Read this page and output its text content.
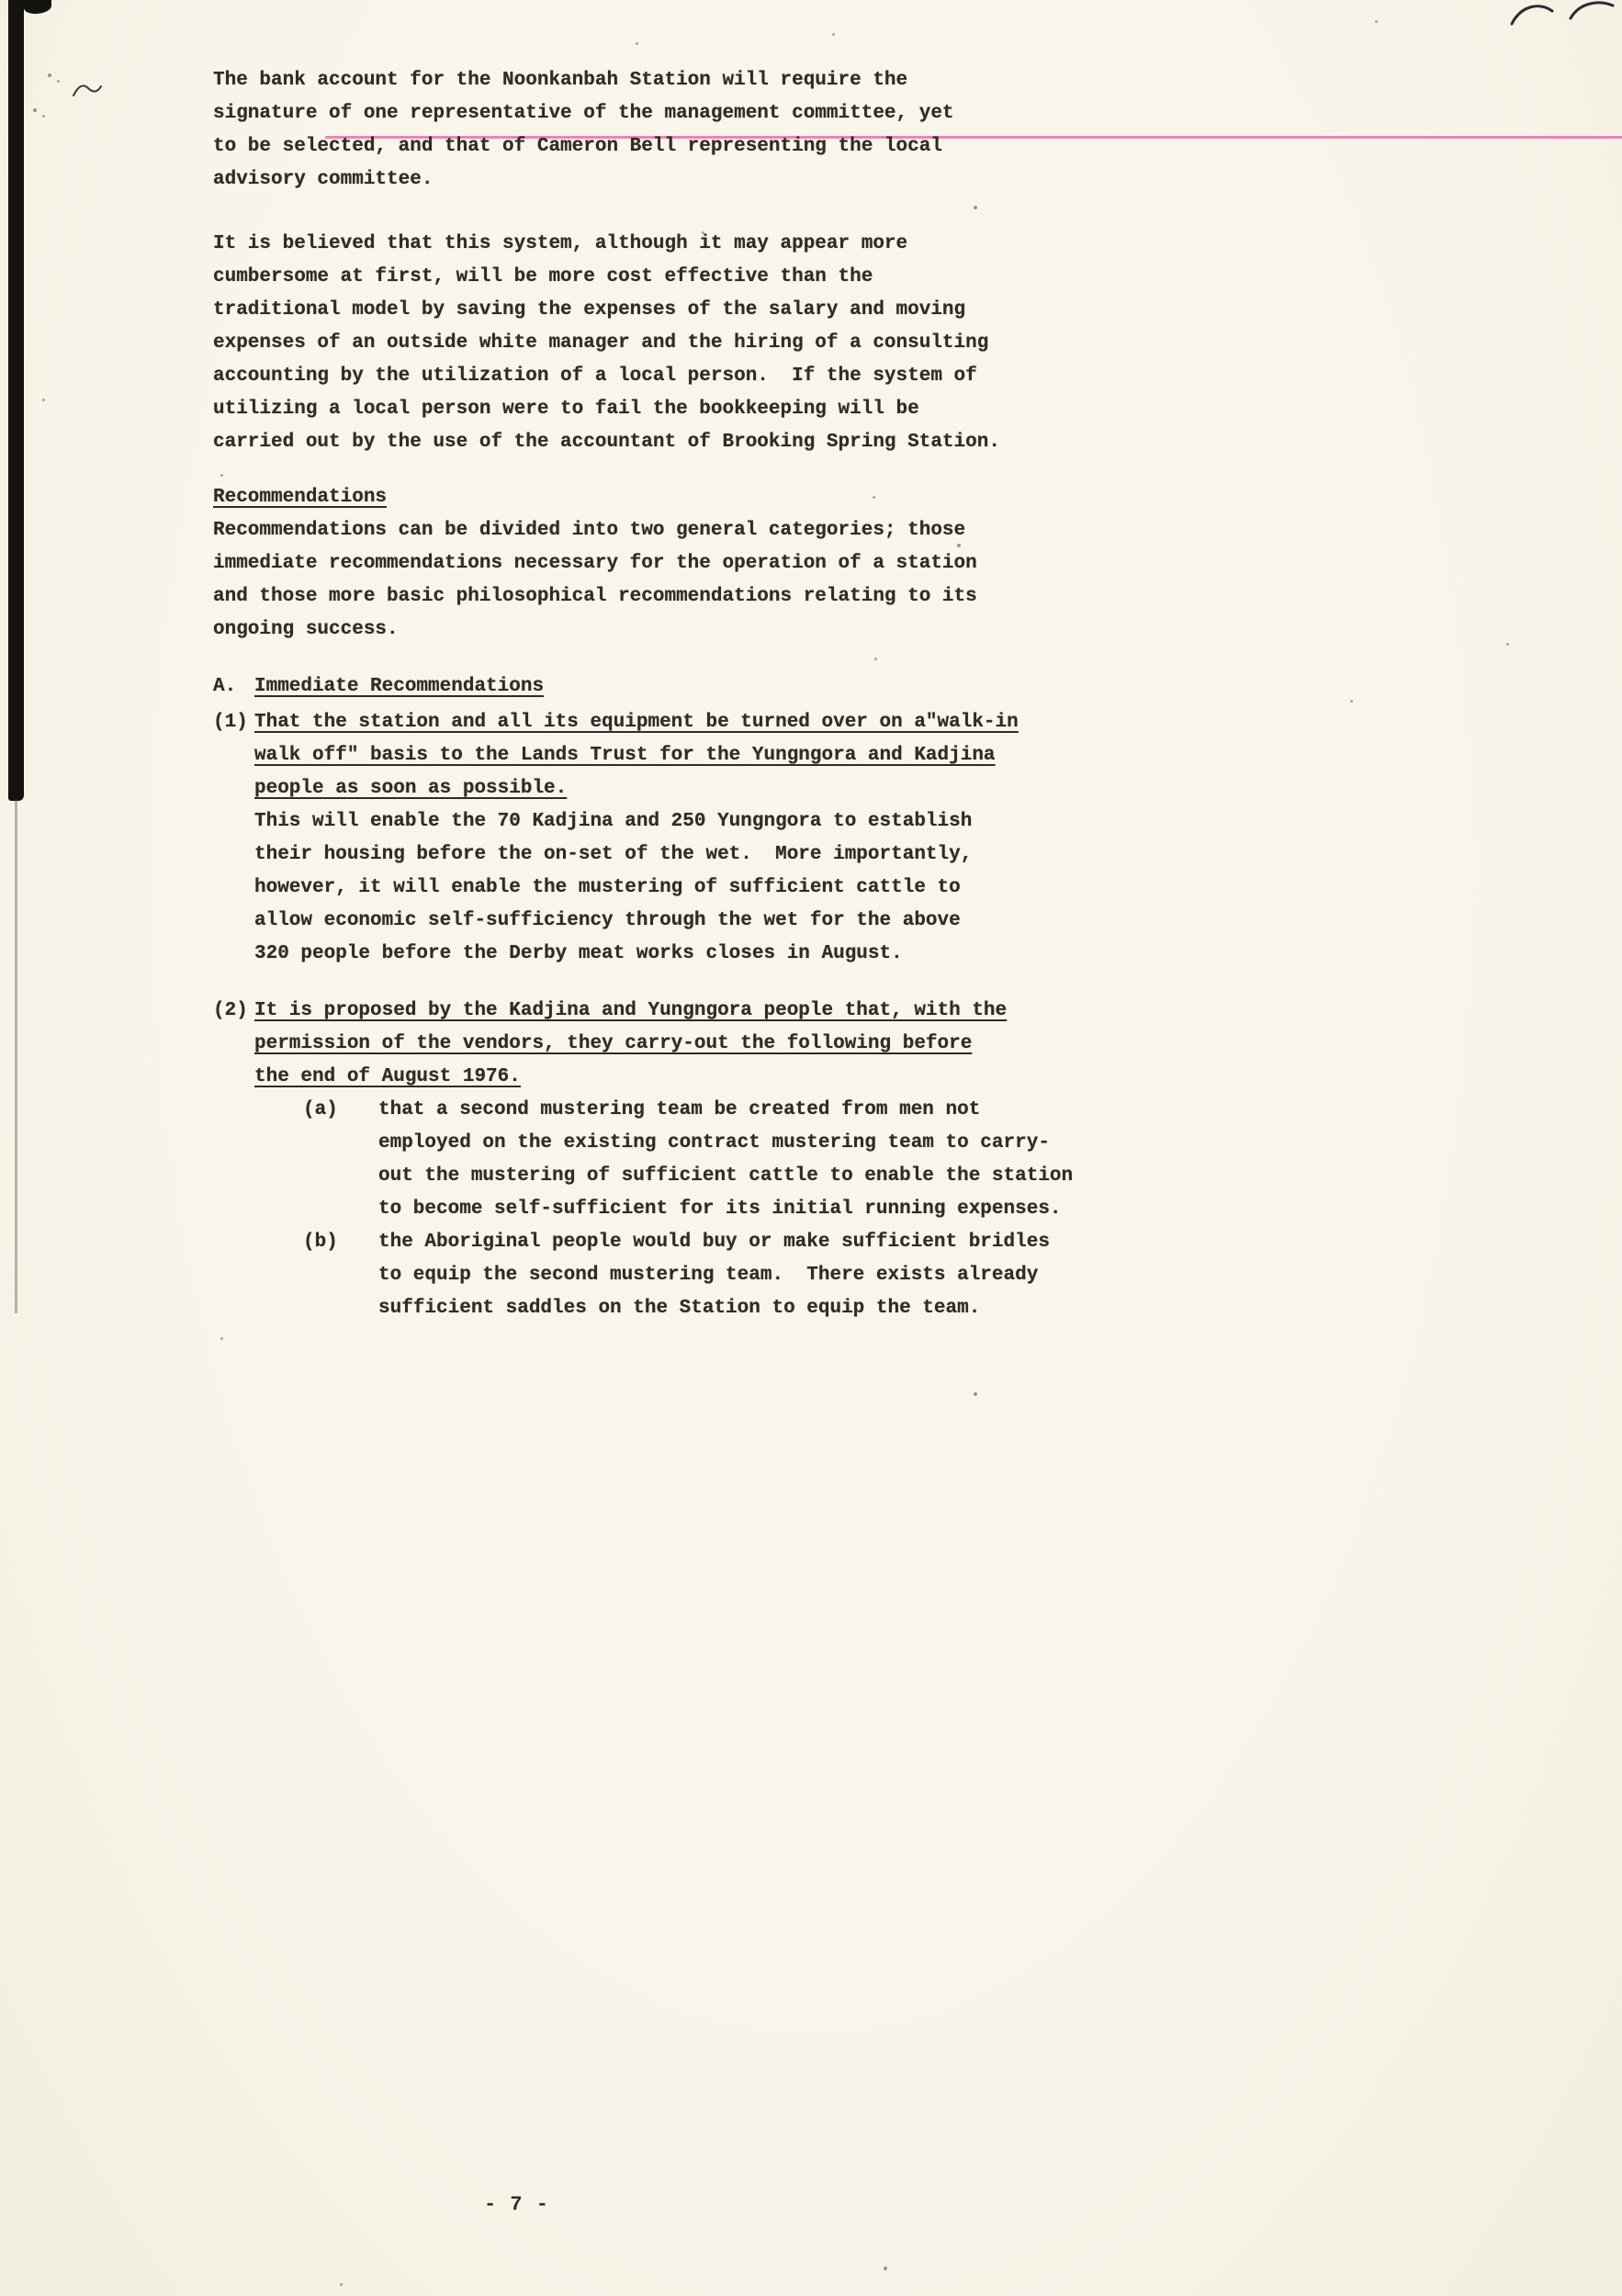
The bank account for the Noonkanbah Station will require the
signature of one representative of the management committee, yet
to be selected, and that of Cameron Bell representing the local
advisory committee.
It is believed that this system, although it may appear more
cumbersome at first, will be more cost effective than the
traditional model by saving the expenses of the salary and moving
expenses of an outside white manager and the hiring of a consulting
accounting by the utilization of a local person.  If the system of
utilizing a local person were to fail the bookkeeping will be
carried out by the use of the accountant of Brooking Spring Station.
Recommendations
Recommendations can be divided into two general categories; those
immediate recommendations necessary for the operation of a station
and those more basic philosophical recommendations relating to its
ongoing success.
A. Immediate Recommendations
(1) That the station and all its equipment be turned over on a"walk-in
walk off" basis to the Lands Trust for the Yungngora and Kadjina
people as soon as possible.
This will enable the 70 Kadjina and 250 Yungngora to establish
their housing before the on-set of the wet.  More importantly,
however, it will enable the mustering of sufficient cattle to
allow economic self-sufficiency through the wet for the above
320 people before the Derby meat works closes in August.
(2) It is proposed by the Kadjina and Yungngora people that, with the
permission of the vendors, they carry-out the following before
the end of August 1976.
(a) that a second mustering team be created from men not
employed on the existing contract mustering team to carry-
out the mustering of sufficient cattle to enable the station
to become self-sufficient for its initial running expenses.
(b) the Aboriginal people would buy or make sufficient bridles
to equip the second mustering team.  There exists already
sufficient saddles on the Station to equip the team.
- 7 -
